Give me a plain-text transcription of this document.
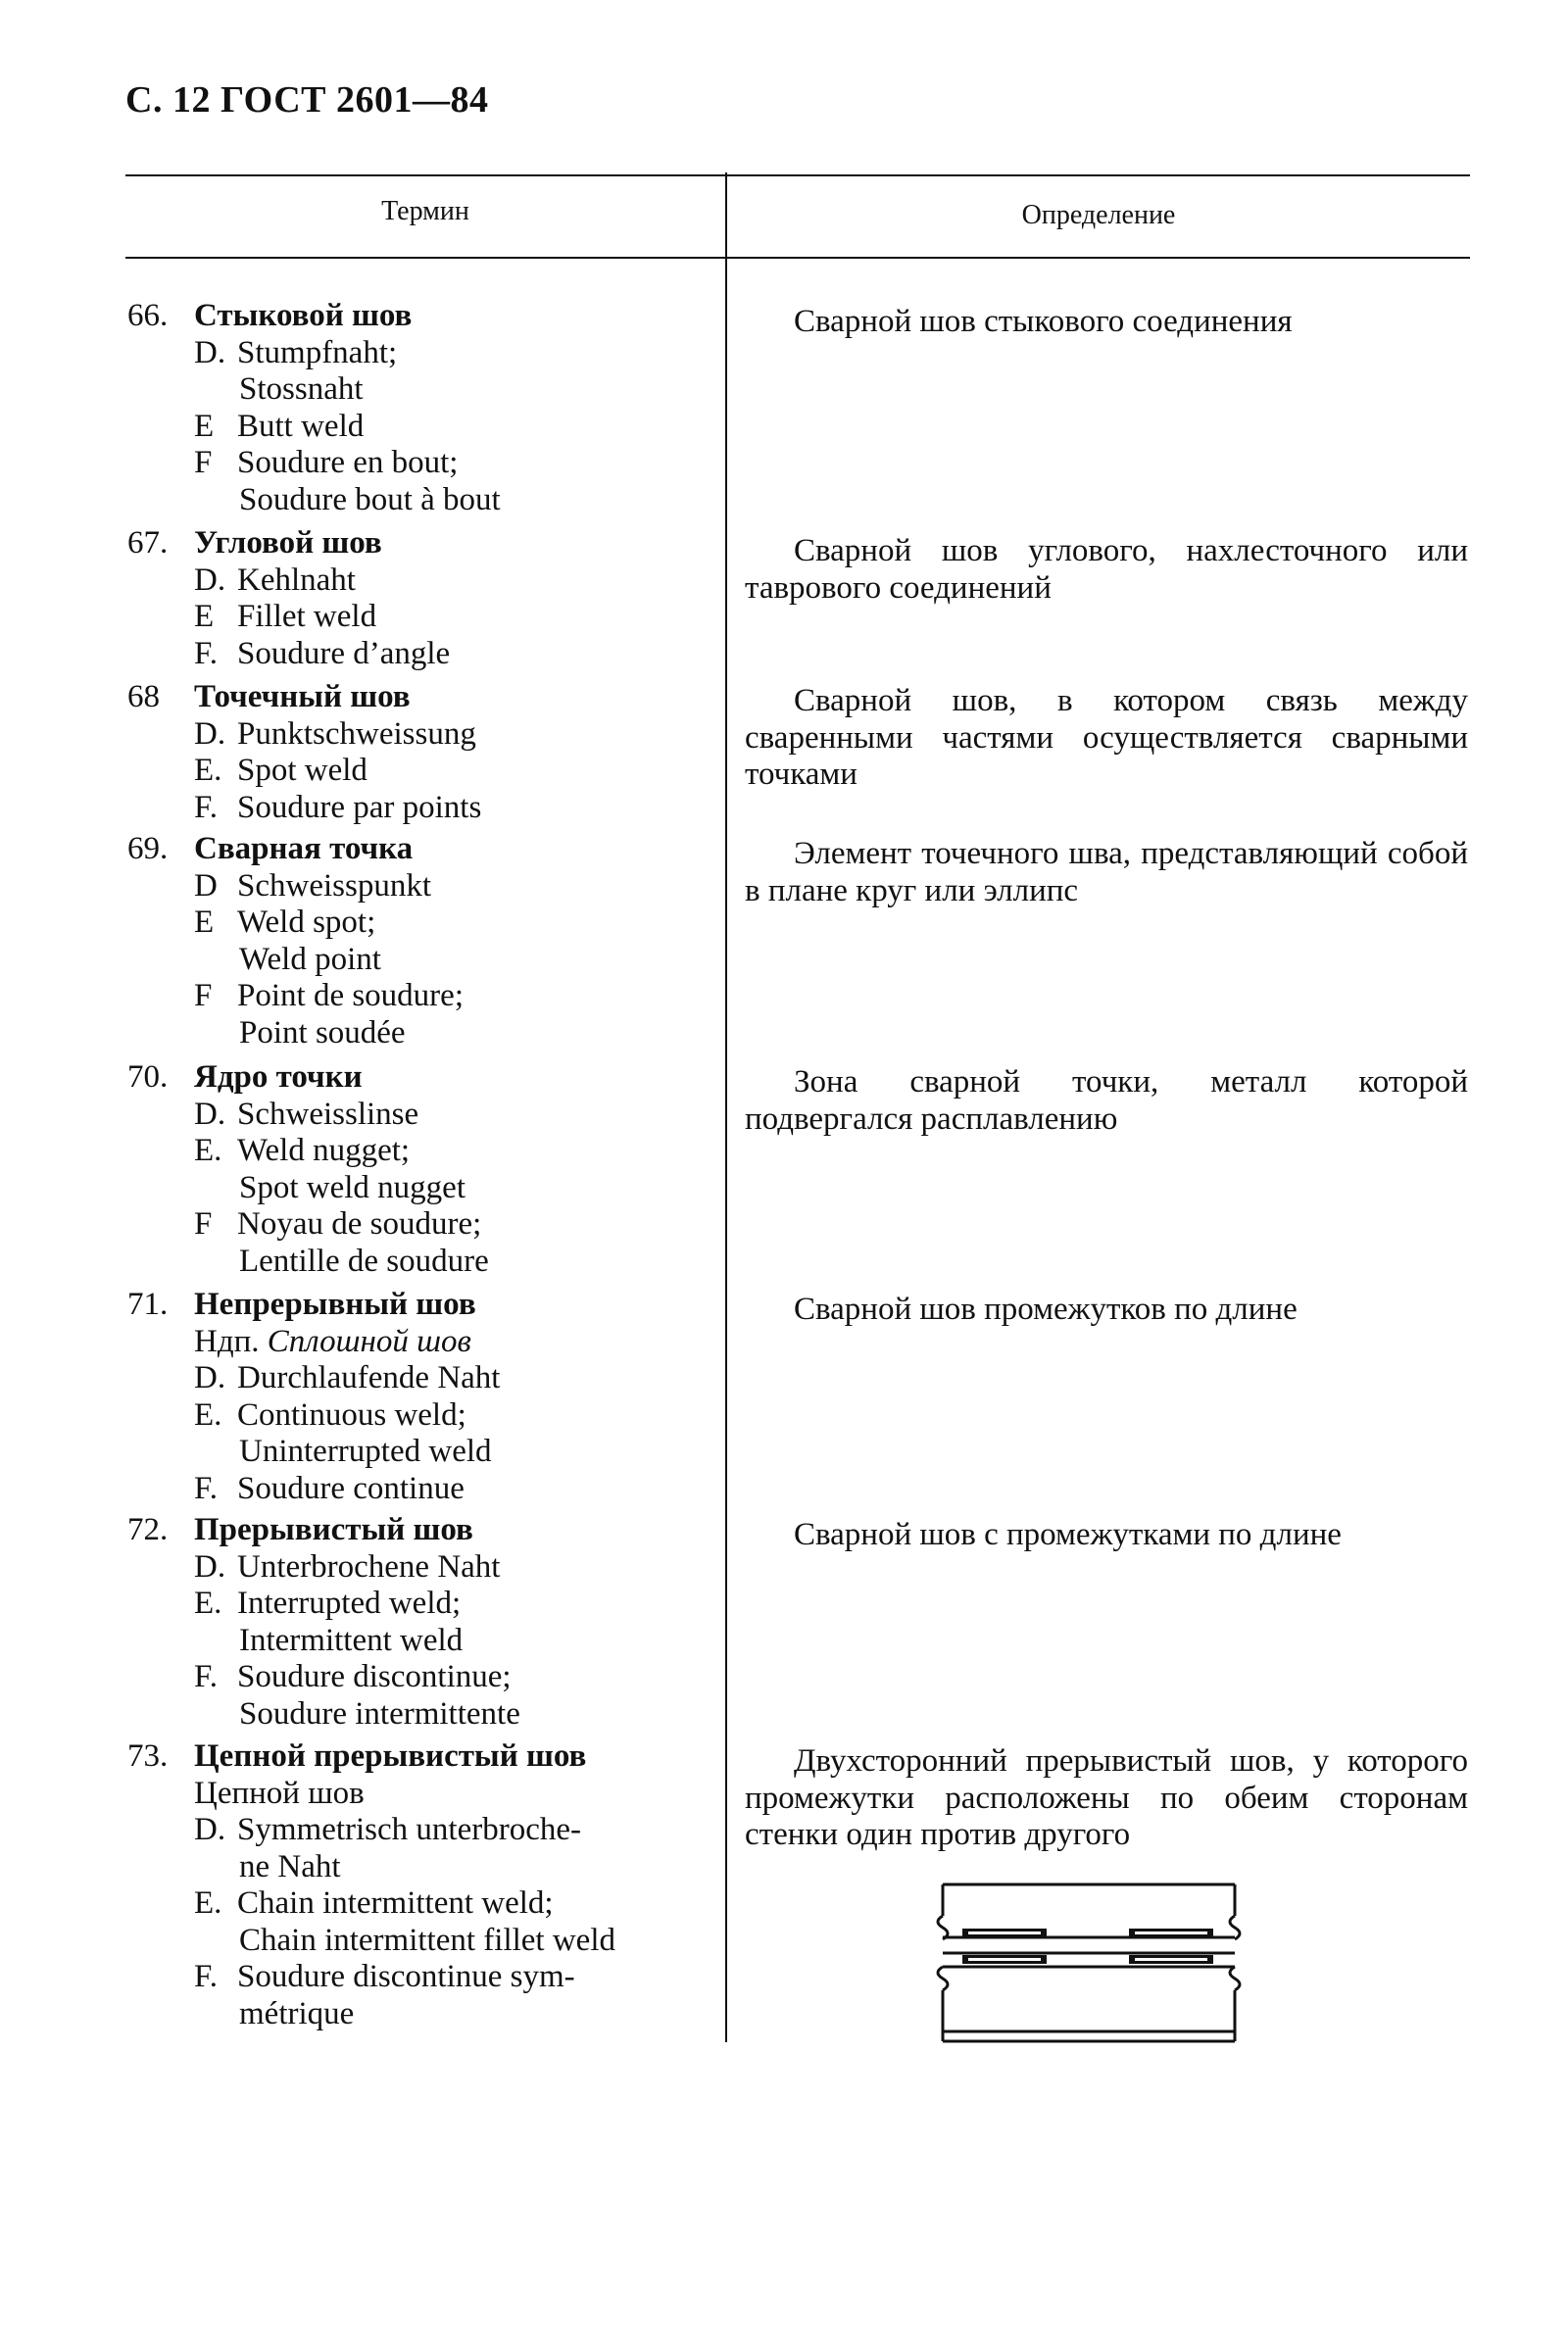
С. 12 ГОСТ 2601—84
Термин	Определение
66. Стыковой шов
D. Stumpfnaht;
Stossnaht
E Butt weld
F Soudure en bout;
Soudure bout à bout
Сварной шов стыкового соединения
67. Угловой шов
D. Kehlnaht
E Fillet weld
F. Soudure d’angle
Сварной шов углового, нахлесточного или таврового соединений
68 Точечный шов
D. Punktschweissung
E. Spot weld
F. Soudure par points
Сварной шов, в котором связь между сваренными частями осуществляется сварными точками
69. Сварная точка
D Schweisspunkt
E Weld spot;
Weld point
F Point de soudure;
Point soudée
Элемент точечного шва, представляющий собой в плане круг или эллипс
70. Ядро точки
D. Schweisslinse
E. Weld nugget;
Spot weld nugget
F Noyau de soudure;
Lentille de soudure
Зона сварной точки, металл которой подвергался расплавлению
71. Непрерывный шов
Ндп. Сплошной шов
D. Durchlaufende Naht
E. Continuous weld;
Uninterrupted weld
F. Soudure continue
Сварной шов промежутков по длине
72. Прерывистый шов
D. Unterbrochene Naht
E. Interrupted weld;
Intermittent weld
F. Soudure discontinue;
Soudure intermittente
Сварной шов с промежутками по длине
73. Цепной прерывистый шов
Цепной шов
D. Symmetrisch unterbroche-
ne Naht
E. Chain intermittent weld;
Chain intermittent fillet weld
F. Soudure discontinue sym-
métrique
Двухсторонний прерывистый шов, у которого промежутки расположены по обеим сторонам стенки один против другого
